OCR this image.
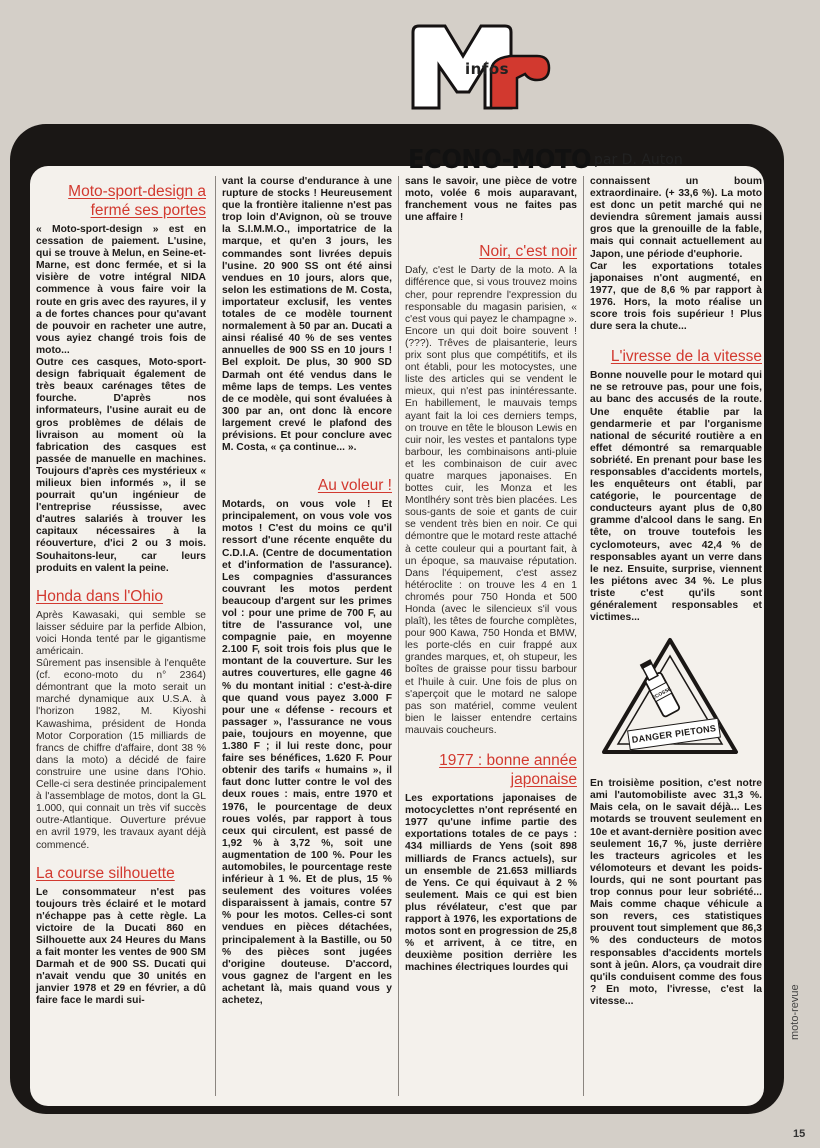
infos
ECONO-MOTO par D. Auton
Moto-sport-design a fermé ses portes

« Moto-sport-design » est en cessation de paiement. L'usine, qui se trouve à Melun, en Seine-et-Marne, est donc fermée, et si la visière de votre intégral NIDA commence à vous faire voir la route en gris avec des rayures, il y a de fortes chances pour qu'avant de pouvoir en racheter une autre, vous ayiez changé trois fois de moto...

Outre ces casques, Moto-sport-design fabriquait également de très beaux carénages têtes de fourche. D'après nos informateurs, l'usine aurait eu de gros problèmes de délais de livraison au moment où la fabrication des casques est passée de manuelle en machines. Toujours d'après ces mystérieux « milieux bien informés », il se pourrait qu'un ingénieur de l'entreprise réussisse, avec d'autres salariés à trouver les capitaux nécessaires à la réouverture, d'ici 2 ou 3 mois. Souhaitons-leur, car leurs produits en valent la peine.

Honda dans l'Ohio

Après Kawasaki, qui semble se laisser séduire par la perfide Albion, voici Honda tenté par le gigantisme américain.

Sûrement pas insensible à l'enquête (cf. econo-moto du n° 2364) démontrant que la moto serait un marché dynamique aux U.S.A. à l'horizon 1982, M. Kiyoshi Kawashima, président de Honda Motor Corporation (15 milliards de francs de chiffre d'affaire, dont 38 % dans la moto) a décidé de faire construire une usine dans l'Ohio. Celle-ci sera destinée principalement à l'assemblage de motos, dont la GL 1.000, qui connait un très vif succès outre-Atlantique. Ouverture prévue en avril 1979, les travaux ayant déjà commencé.

La course silhouette

Le consommateur n'est pas toujours très éclairé et le motard n'échappe pas à cette règle. La victoire de la Ducati 860 en Silhouette aux 24 Heures du Mans a fait monter les ventes de 900 SM Darmah et de 900 SS. Ducati qui n'avait vendu que 30 unités en janvier 1978 et 29 en février, a dû faire face le mardi sui-

vant la course d'endurance à une rupture de stocks ! Heureusement que la frontière italienne n'est pas trop loin d'Avignon, où se trouve la S.I.M.M.O., importatrice de la marque, et qu'en 3 jours, les commandes sont livrées depuis l'usine. 20 900 SS ont été ainsi vendues en 10 jours, alors que, selon les estimations de M. Costa, importateur exclusif, les ventes totales de ce modèle tournent normalement à 50 par an. Ducati a ainsi réalisé 40 % de ses ventes annuelles de 900 SS en 10 jours ! Bel exploit. De plus, 30 900 SD Darmah ont été vendus dans le même laps de temps. Les ventes de ce modèle, qui sont évaluées à 300 par an, ont donc là encore largement crevé le plafond des prévisions. Et pour conclure avec M. Costa, « ça continue... ».

Au voleur !

Motards, on vous vole ! Et principalement, on vous vole vos motos ! C'est du moins ce qu'il ressort d'une récente enquête du C.D.I.A. (Centre de documentation et d'information de l'assurance). Les compagnies d'assurances couvrant les motos perdent beaucoup d'argent sur les primes vol : pour une prime de 700 F, au titre de l'assurance vol, une compagnie paie, en moyenne 2.100 F, soit trois fois plus que le montant de la couverture. Sur les autres couvertures, elle gagne 46 % du montant initial : c'est-à-dire que quand vous payez 3.000 F pour une « défense - recours et passager », l'assurance ne vous paie, toujours en moyenne, que 1.380 F ; il lui reste donc, pour faire ses bénéfices, 1.620 F. Pour obtenir des tarifs « humains », il faut donc lutter contre le vol des deux roues : mais, entre 1970 et 1976, le pourcentage de deux roues volés, par rapport à tous ceux qui circulent, est passé de 1,92 % à 3,72 %, soit une augmentation de 100 %. Pour les automobiles, le pourcentage reste inférieur à 1 %. Et de plus, 15 % seulement des voitures volées disparaissent à jamais, contre 57 % pour les motos. Celles-ci sont vendues en pièces détachées, principalement à la Bastille, ou 50 % des pièces sont jugées d'origine douteuse. D'accord, vous gagnez de l'argent en les achetant là, mais quand vous y achetez,

sans le savoir, une pièce de votre moto, volée 6 mois auparavant, franchement vous ne faites pas une affaire !

Noir, c'est noir

Dafy, c'est le Darty de la moto. A la différence que, si vous trouvez moins cher, pour reprendre l'expression du responsable du magasin parisien, « c'est vous qui payez le champagne ». Encore un qui doit boire souvent ! (???). Trêves de plaisanterie, leurs prix sont plus que compétitifs, et ils ont établi, pour les motocystes, une liste des articles qui se vendent le mieux, qui n'est pas inintéressante. En habillement, le mauvais temps ayant fait la loi ces derniers temps, on trouve en tête le blouson Lewis en cuir noir, les vestes et pantalons type barbour, les combinaisons anti-pluie et les combinaison de cuir avec quatre marques japonaises. En bottes cuir, les Monza et les Montlhéry sont très bien placées. Les sous-gants de soie et gants de cuir se vendent très bien en noir. Ce qui démontre que le motard reste attaché à cette couleur qui a pourtant fait, à un époque, sa mauvaise réputation. Dans l'équipement, c'est assez hétéroclite : on trouve les 4 en 1 chromés pour 750 Honda et 500 Honda (avec le silencieux s'il vous plaît), les têtes de fourche complètes, pour 900 Kawa, 750 Honda et BMW, les porte-clés en cuir frappé aux grandes marques, et, oh stupeur, les boîtes de graisse pour tissu barbour et l'huile à cuir. Une fois de plus on s'aperçoit que le motard ne salope pas son matériel, comme veulent bien le laisser entendre certains mauvais coucheurs.

1977 : bonne année japonaise

Les exportations japonaises de motocyclettes n'ont représenté en 1977 qu'une infime partie des exportations totales de ce pays : 434 milliards de Yens (soit 898 milliards de Francs actuels), sur un ensemble de 21.653 milliards de Yens. Ce qui équivaut à 2 % seulement. Mais ce qui est bien plus révélateur, c'est que par rapport à 1976, les exportations de motos sont en progression de 25,8 % et arrivent, à ce titre, en deuxième position derrière les machines électriques lourdes qui

connaissent un boum extraordinaire. (+ 33,6 %). La moto est donc un petit marché qui ne deviendra sûrement jamais aussi gros que la grenouille de la fable, mais qui connait actuellement au Japon, une période d'euphorie.

Car les exportations totales japonaises n'ont augmenté, en 1977, que de 8,6 % par rapport à 1976. Hors, la moto réalise un score trois fois supérieur ! Plus dure sera la chute...

L'ivresse de la vitesse

Bonne nouvelle pour le motard qui ne se retrouve pas, pour une fois, au banc des accusés de la route. Une enquête établie par la gendarmerie et par l'organisme national de sécurité routière a en effet démontré sa remarquable sobriété. En prenant pour base les responsables d'accidents mortels, les enquêteurs ont établi, par catégorie, le pourcentage de conducteurs ayant plus de 0,80 gramme d'alcool dans le sang. En tête, on trouve toutefois les cyclomoteurs, avec 42,4 % de responsables ayant un verre dans le nez. Ensuite, surprise, viennent les piétons avec 34 %. Le plus triste c'est qu'ils sont généralement responsables et victimes...

ECOSSE
DANGER PIETONS

En troisième position, c'est notre ami l'automobiliste avec 31,3 %. Mais cela, on le savait déjà... Les motards se trouvent seulement en 10e et avant-dernière position avec seulement 16,7 %, juste derrière les tracteurs agricoles et les vélomoteurs et devant les poids-lourds, qui ne sont pourtant pas trop connus pour leur sobriété... Mais comme chaque véhicule a son revers, ces statistiques prouvent tout simplement que 86,3 % des conducteurs de motos responsables d'accidents mortels sont à jeûn. Alors, ça voudrait dire qu'ils conduisent comme des fous ? En moto, l'ivresse, c'est la vitesse...	moto-revue
15
